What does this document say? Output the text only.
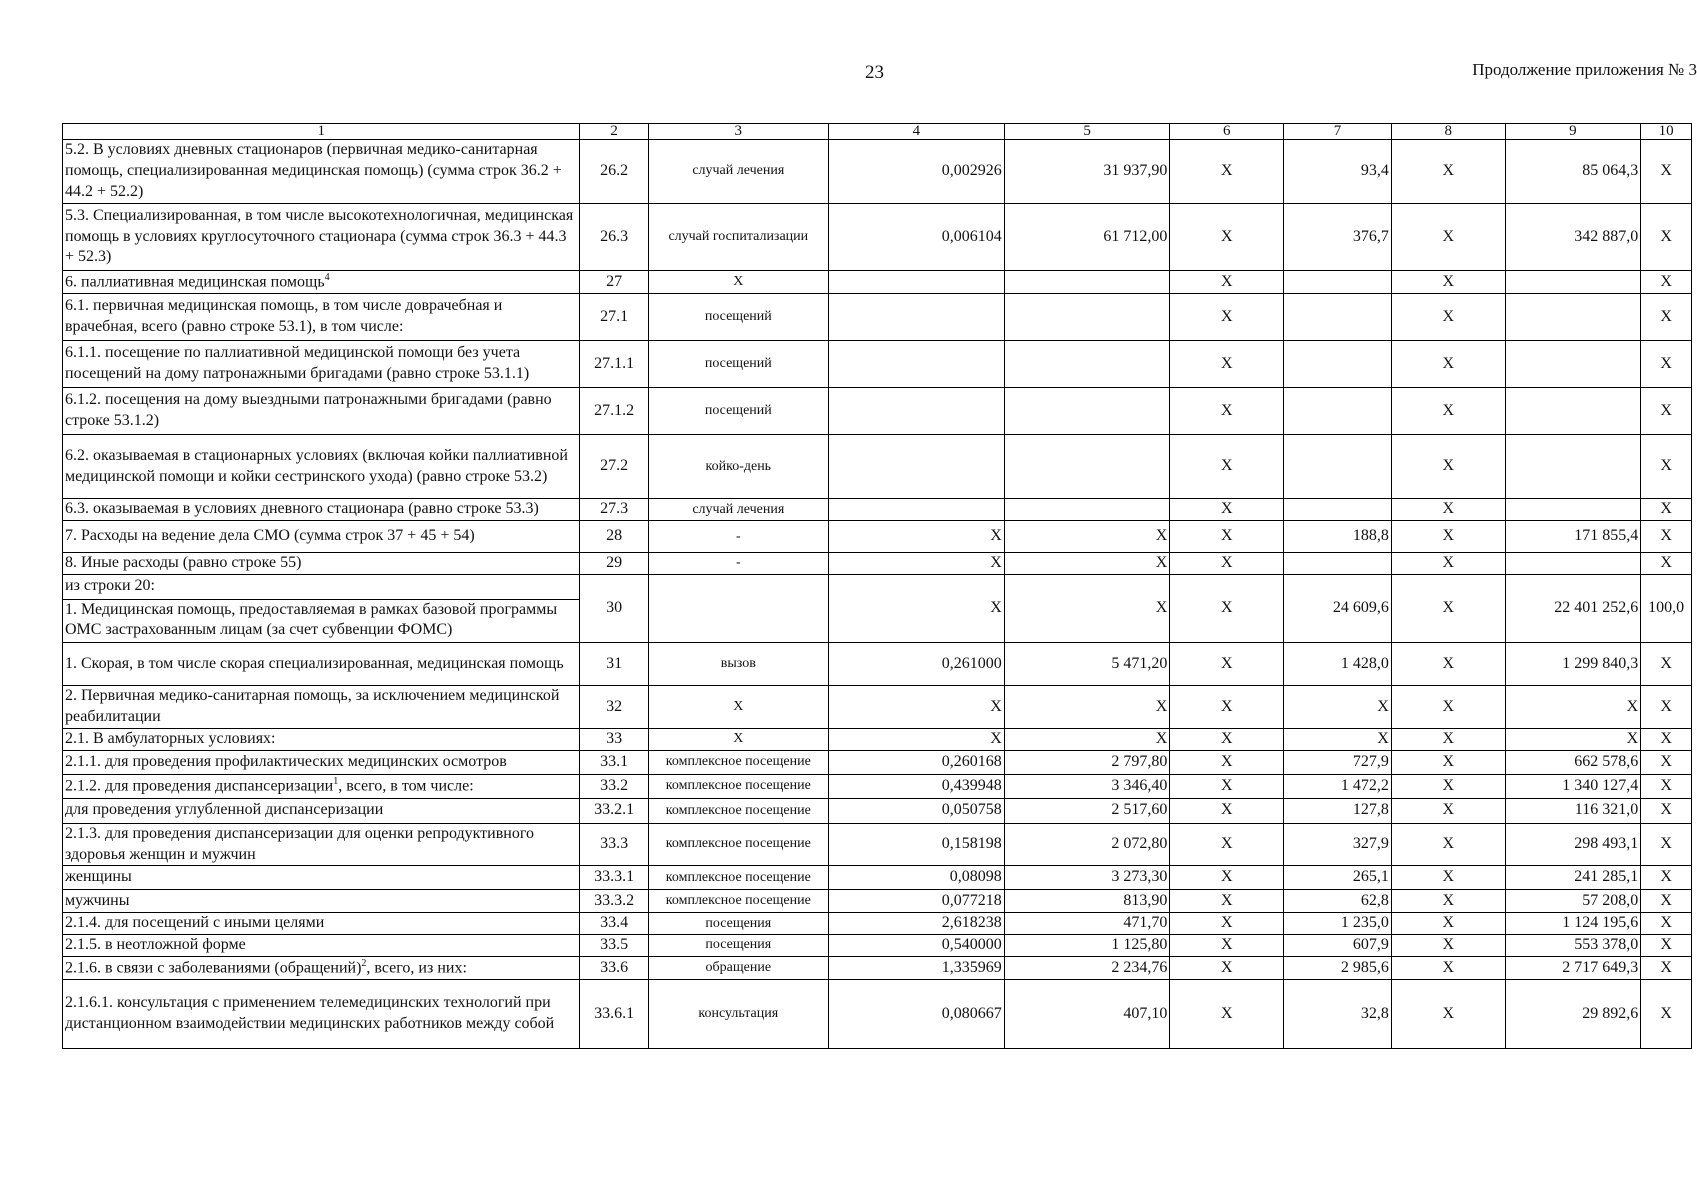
23	Продолжение приложения № 3
1	2	3	4	5	6	7	8	9	10
5.2. В условиях дневных стационаров (первичная медико-санитарная помощь, специализированная медицинская помощь) (сумма строк 36.2 + 44.2 + 52.2)	26.2	случай лечения	0,002926	31 937,90	X	93,4	X	85 064,3	X
5.3. Специализированная, в том числе высокотехнологичная, медицинская помощь в условиях круглосуточного стационара (сумма строк 36.3 + 44.3 + 52.3)	26.3	случай госпитализации	0,006104	61 712,00	X	376,7	X	342 887,0	X
6. паллиативная медицинская помощь$^4$	27	X			X		X		X
6.1. первичная медицинская помощь, в том числе доврачебная и врачебная, всего (равно строке 53.1), в том числе:	27.1	посещений			X		X		X
6.1.1. посещение по паллиативной медицинской помощи без учета посещений на дому патронажными бригадами (равно строке 53.1.1)	27.1.1	посещений			X		X		X
6.1.2. посещения на дому выездными патронажными бригадами (равно строке 53.1.2)	27.1.2	посещений			X		X		X
6.2. оказываемая в стационарных условиях (включая койки паллиативной медицинской помощи и койки сестринского ухода) (равно строке 53.2)	27.2	койко-день			X		X		X
6.3. оказываемая в условиях дневного стационара (равно строке 53.3)	27.3	случай лечения			X		X		X
7. Расходы на ведение дела СМО (сумма строк 37 + 45 + 54)	28	-	X	X	X	188,8	X	171 855,4	X
8. Иные расходы (равно строке 55)	29	-	X	X	X		X		X
из строки 20:
1. Медицинская помощь, предоставляемая в рамках базовой программы ОМС застрахованным лицам (за счет субвенции ФОМС)	30		X	X	X	24 609,6	X	22 401 252,6	100,0
1. Скорая, в том числе скорая специализированная, медицинская помощь	31	вызов	0,261000	5 471,20	X	1 428,0	X	1 299 840,3	X
2. Первичная медико-санитарная помощь, за исключением медицинской реабилитации	32	X	X	X	X	X	X	X	X
2.1. В амбулаторных условиях:	33	X	X	X	X	X	X	X	X
2.1.1. для проведения профилактических медицинских осмотров	33.1	комплексное посещение	0,260168	2 797,80	X	727,9	X	662 578,6	X
2.1.2. для проведения диспансеризации$^1$, всего, в том числе:	33.2	комплексное посещение	0,439948	3 346,40	X	1 472,2	X	1 340 127,4	X
для проведения углубленной диспансеризации	33.2.1	комплексное посещение	0,050758	2 517,60	X	127,8	X	116 321,0	X
2.1.3. для проведения диспансеризации для оценки репродуктивного здоровья женщин и мужчин	33.3	комплексное посещение	0,158198	2 072,80	X	327,9	X	298 493,1	X
женщины	33.3.1	комплексное посещение	0,08098	3 273,30	X	265,1	X	241 285,1	X
мужчины	33.3.2	комплексное посещение	0,077218	813,90	X	62,8	X	57 208,0	X
2.1.4. для посещений с иными целями	33.4	посещения	2,618238	471,70	X	1 235,0	X	1 124 195,6	X
2.1.5. в неотложной форме	33.5	посещения	0,540000	1 125,80	X	607,9	X	553 378,0	X
2.1.6. в связи с заболеваниями (обращений)$^2$, всего, из них:	33.6	обращение	1,335969	2 234,76	X	2 985,6	X	2 717 649,3	X
2.1.6.1. консультация с применением телемедицинских технологий при дистанционном взаимодействии медицинских работников между собой	33.6.1	консультация	0,080667	407,10	X	32,8	X	29 892,6	X
